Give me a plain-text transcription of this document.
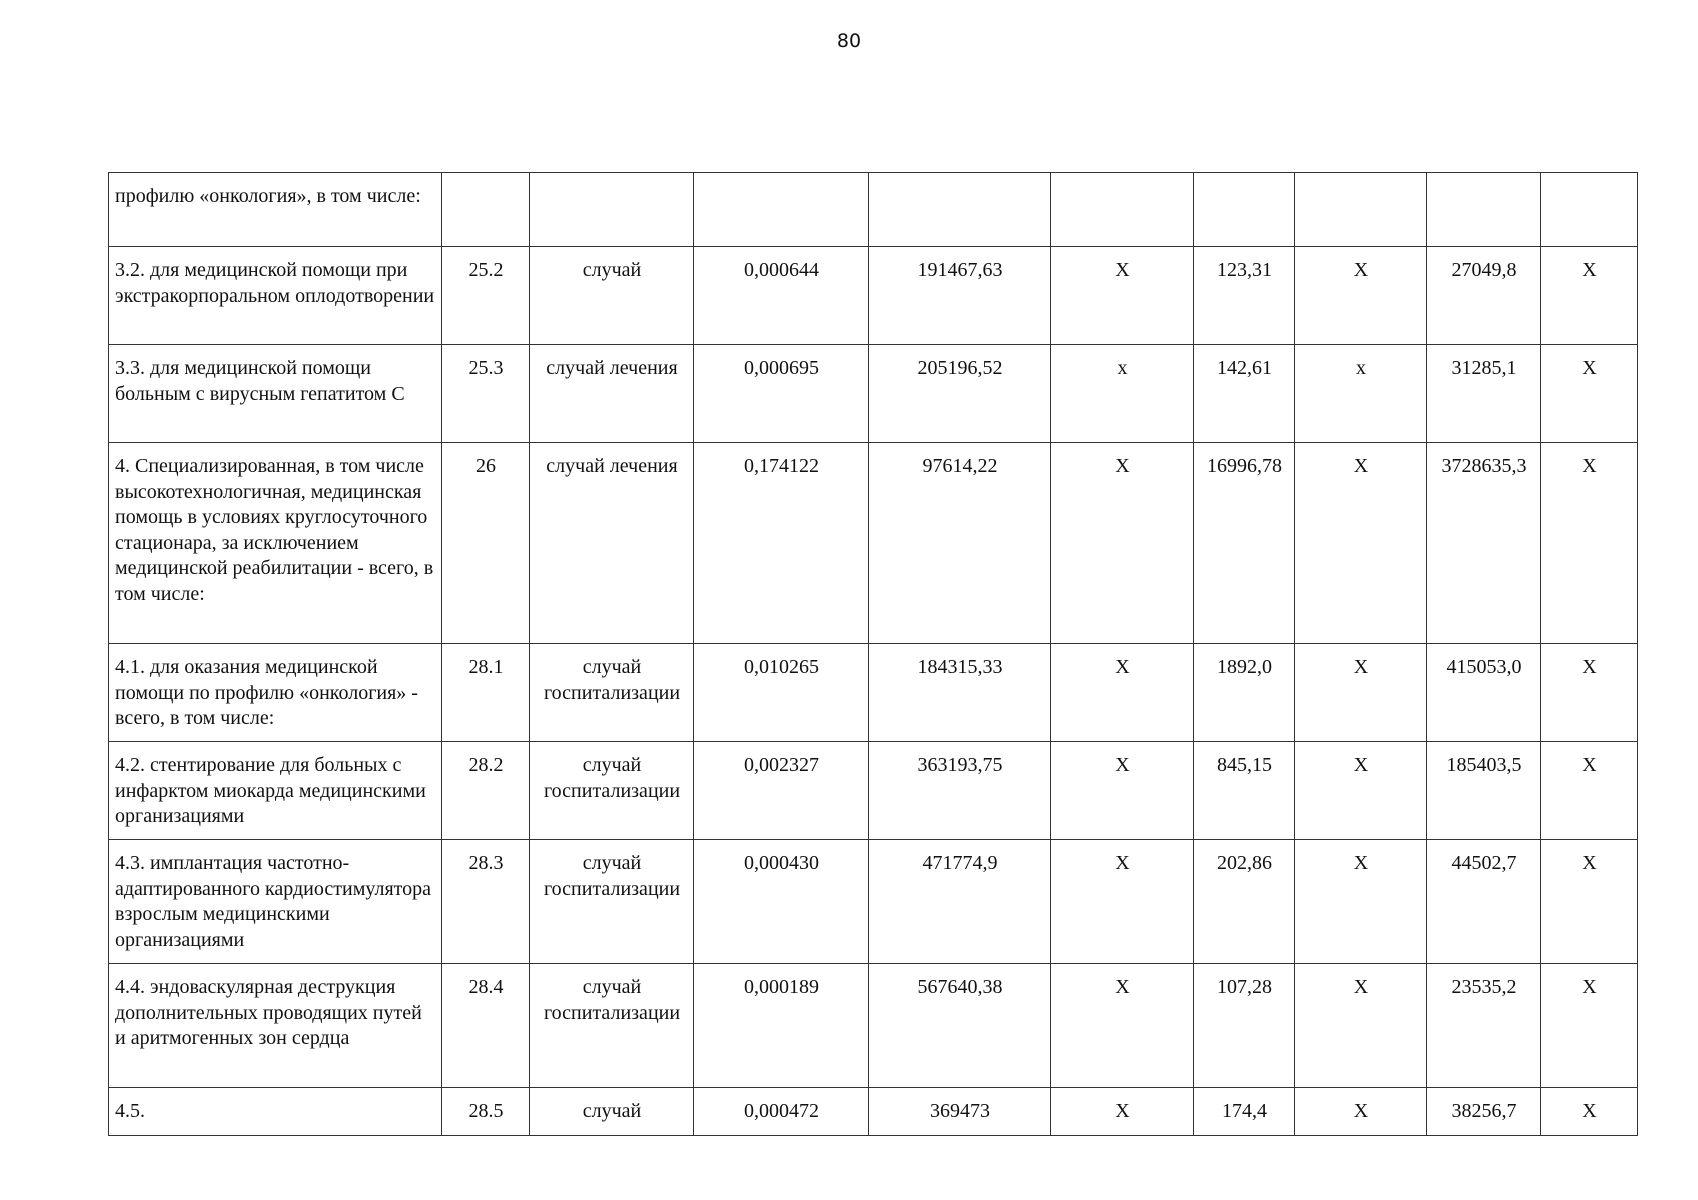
80
профилю «онкология», в том числе:									
3.2. для медицинской помощи при экстракорпоральном оплодотворении	25.2	случай	0,000644	191467,63	X	123,31	X	27049,8	X
3.3. для медицинской помощи больным с вирусным гепатитом С	25.3	случай лечения	0,000695	205196,52	x	142,61	x	31285,1	X
4. Специализированная, в том числе высокотехнологичная, медицинская помощь в условиях круглосуточного стационара, за исключением медицинской реабилитации - всего, в том числе:	26	случай лечения	0,174122	97614,22	X	16996,78	X	3728635,3	X
4.1. для оказания медицинской помощи по профилю «онкология» - всего, в том числе:	28.1	случай госпитализации	0,010265	184315,33	X	1892,0	X	415053,0	X
4.2. стентирование для больных с инфарктом миокарда медицинскими организациями	28.2	случай госпитализации	0,002327	363193,75	X	845,15	X	185403,5	X
4.3. имплантация частотно-адаптированного кардиостимулятора взрослым медицинскими организациями	28.3	случай госпитализации	0,000430	471774,9	X	202,86	X	44502,7	X
4.4. эндоваскулярная деструкция дополнительных проводящих путей и аритмогенных зон сердца	28.4	случай госпитализации	0,000189	567640,38	X	107,28	X	23535,2	X
4.5.	28.5	случай	0,000472	369473	X	174,4	X	38256,7	X
